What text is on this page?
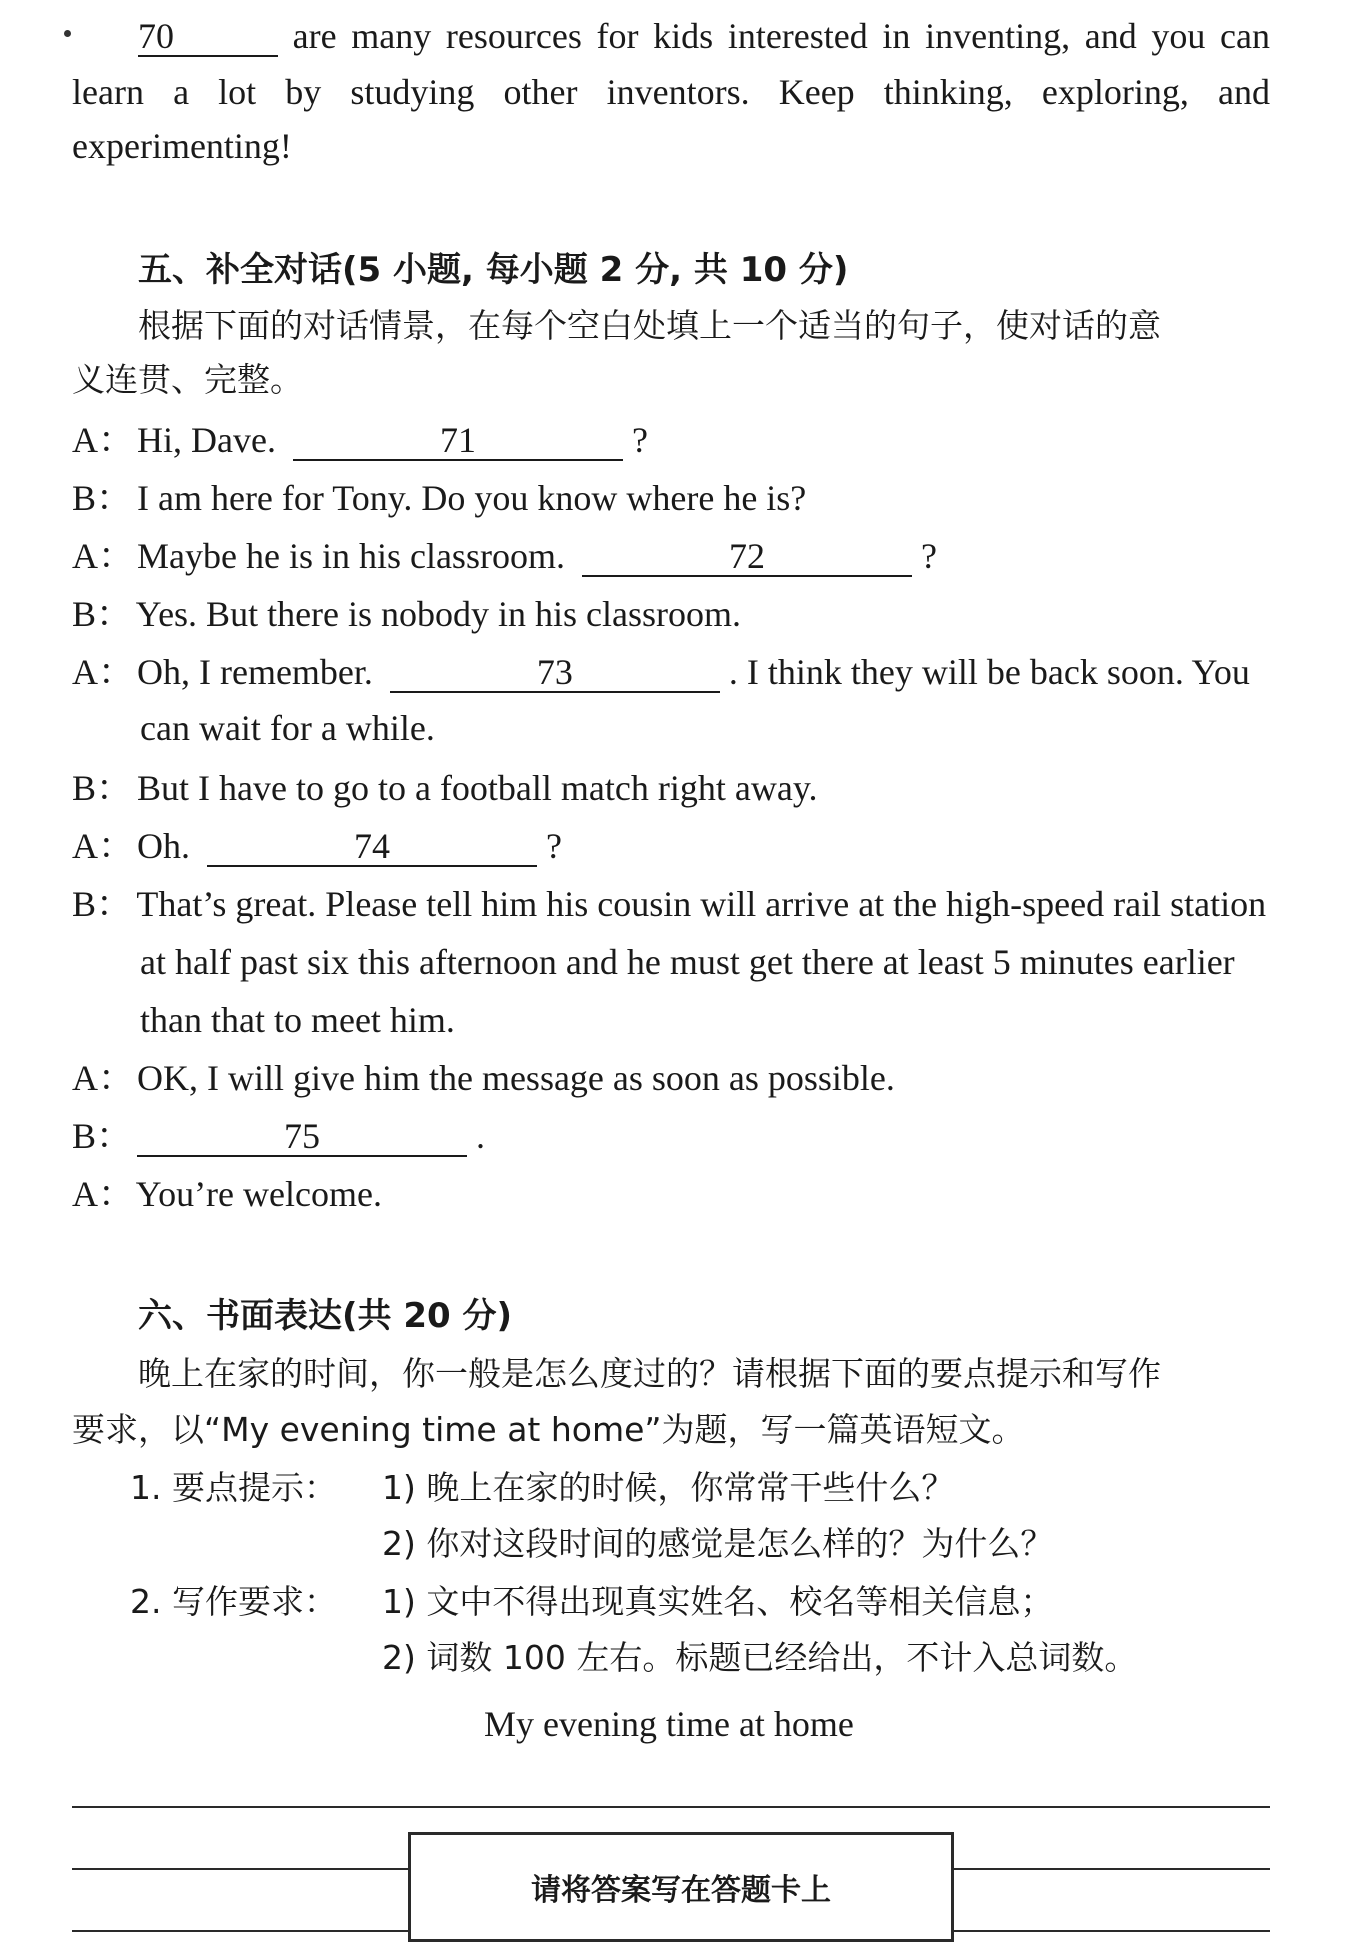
70	are many resources for kids interested in inventing, and you can
learn a lot by studying other inventors. Keep thinking, exploring, and
experimenting!
五、补全对话(5 小题, 每小题 2 分, 共 10 分)
根据下面的对话情景，在每个空白处填上一个适当的句子，使对话的意
义连贯、完整。
A： Hi, Dave.	71	?
B： I am here for Tony. Do you know where he is?
A： Maybe he is in his classroom.	72	?
B： Yes. But there is nobody in his classroom.
A： Oh, I remember.	73	. I think they will be back soon. You
can wait for a while.
B： But I have to go to a football match right away.
A： Oh.	74	?
B： That’s great. Please tell him his cousin will arrive at the high-speed rail station
at half past six this afternoon and he must get there at least 5 minutes earlier
than that to meet him.
A： OK, I will give him the message as soon as possible.
B：	75	.
A： You’re welcome.
六、书面表达(共 20 分)
晚上在家的时间，你一般是怎么度过的？请根据下面的要点提示和写作
要求，以“My evening time at home”为题，写一篇英语短文。
1. 要点提示： 1) 晚上在家的时候，你常常干些什么？
2) 你对这段时间的感觉是怎么样的？为什么？
2. 写作要求： 1) 文中不得出现真实姓名、校名等相关信息；
2) 词数 100 左右。标题已经给出，不计入总词数。
My evening time at home
请将答案写在答题卡上
